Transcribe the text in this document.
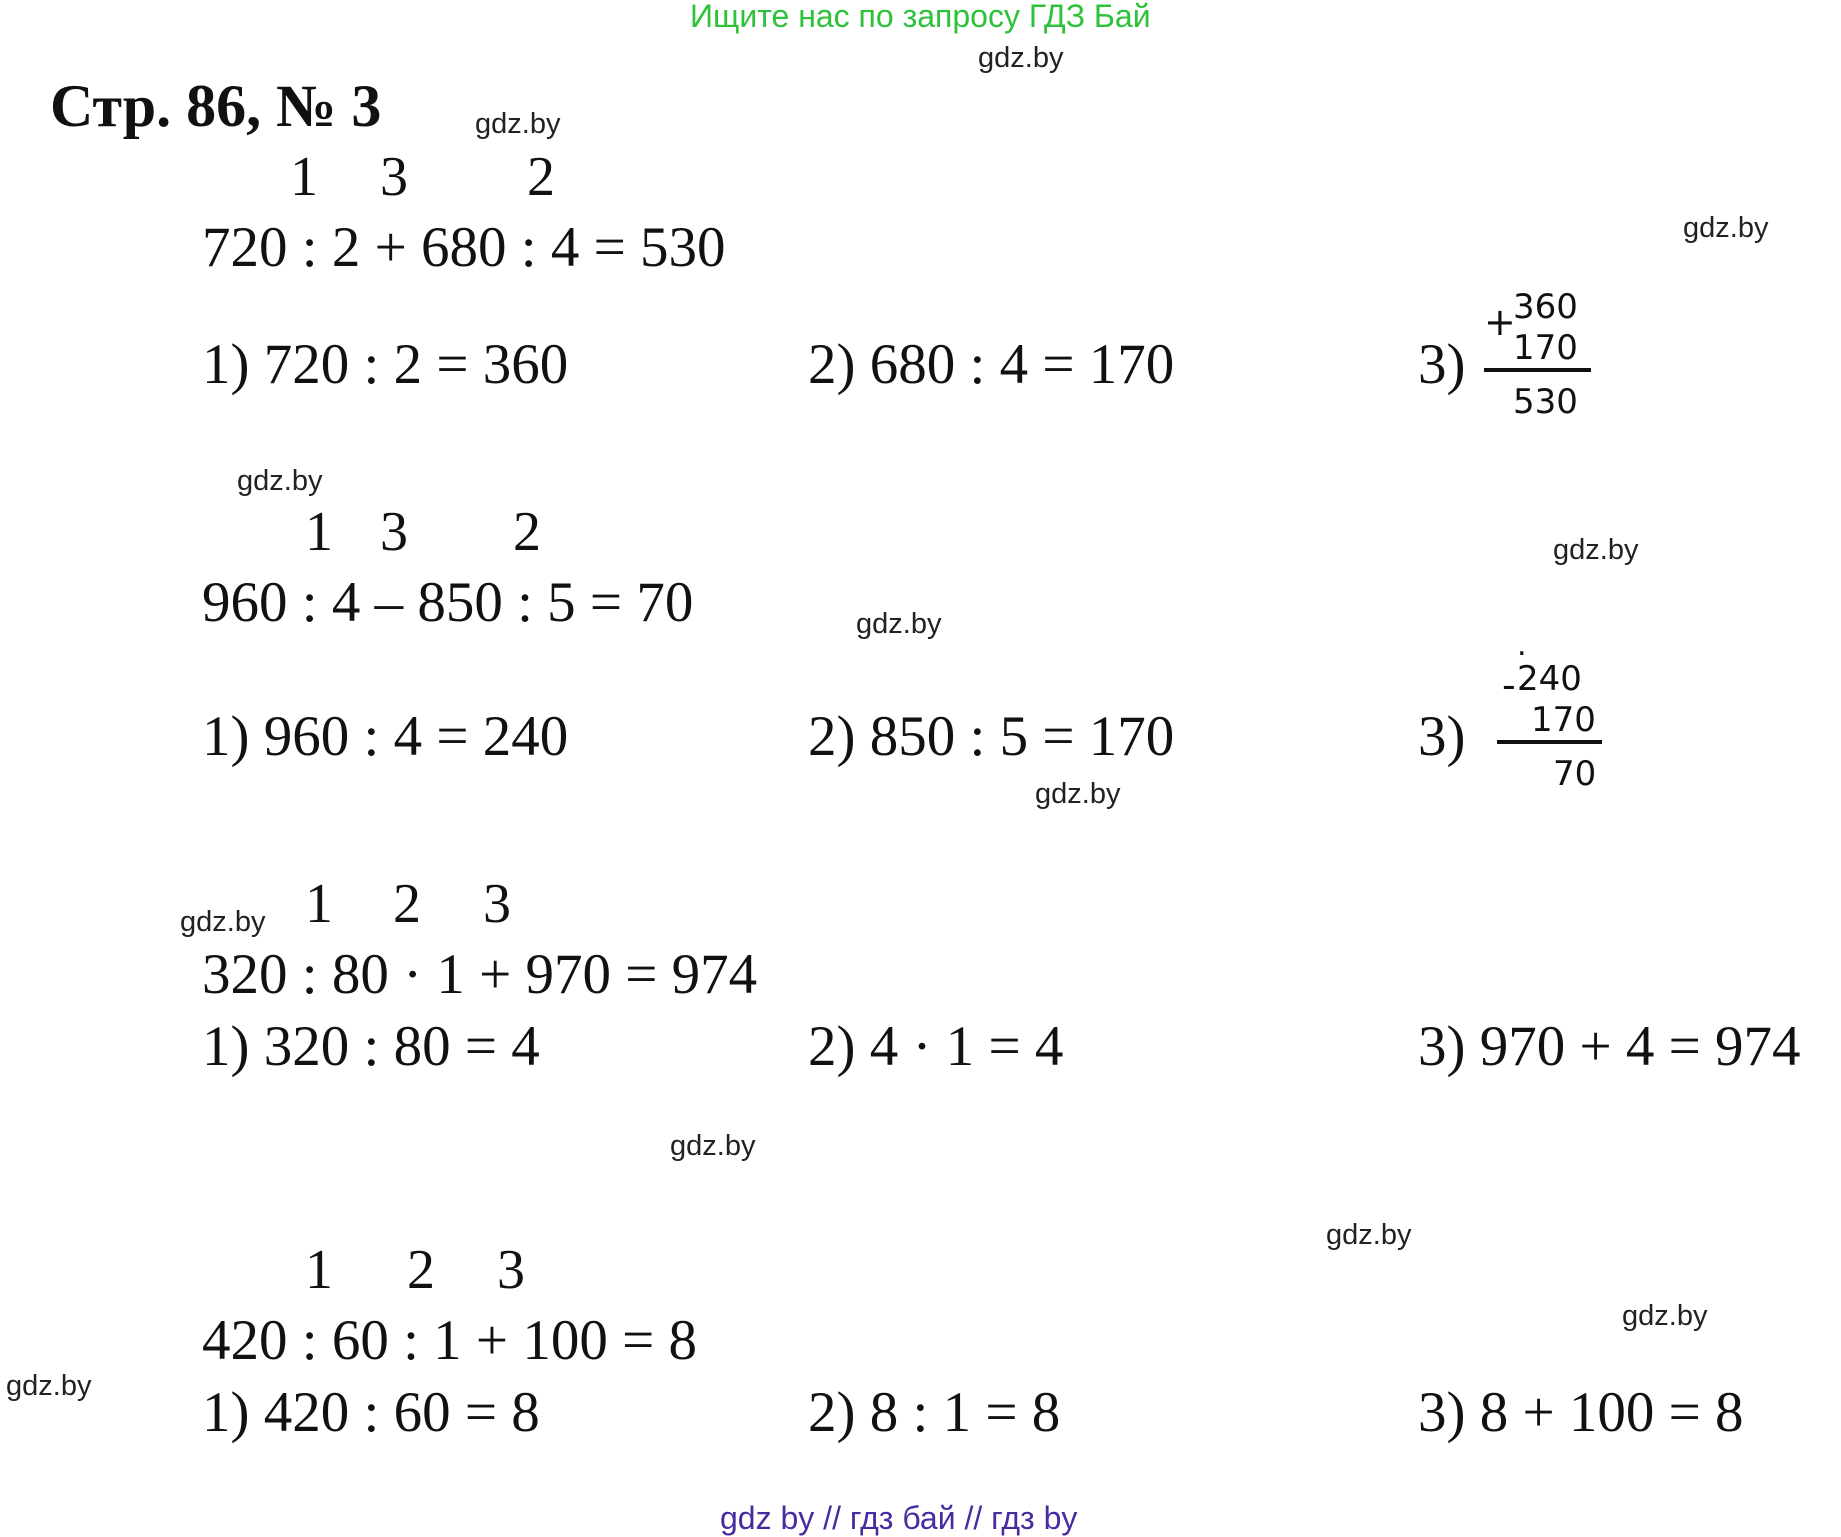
Ищите нас по запросу ГДЗ Бай
Стр. 86, № 3
gdz.by
gdz.by
gdz.by
gdz.by
gdz.by
gdz.by
gdz.by
gdz.by
gdz.by
gdz.by
gdz.by
gdz.by
1 3 2
720 : 2 + 680 : 4 = 530
1) 720 : 2 = 360	2) 680 : 4 = 170	3)
+
360
170
530
1 3 2
960 : 4 – 850 : 5 = 70
1) 960 : 4 = 240	2) 850 : 5 = 170	3)
.
- 240
170
70
1 2 3
320 : 80 · 1 + 970 = 974
1) 320 : 80 = 4	2) 4 · 1 = 4	3) 970 + 4 = 974
1 2 3
420 : 60 : 1 + 100 = 8
1) 420 : 60 = 8	2) 8 : 1 = 8	3) 8 + 100 = 8
gdz by // гдз бай // гдз by
